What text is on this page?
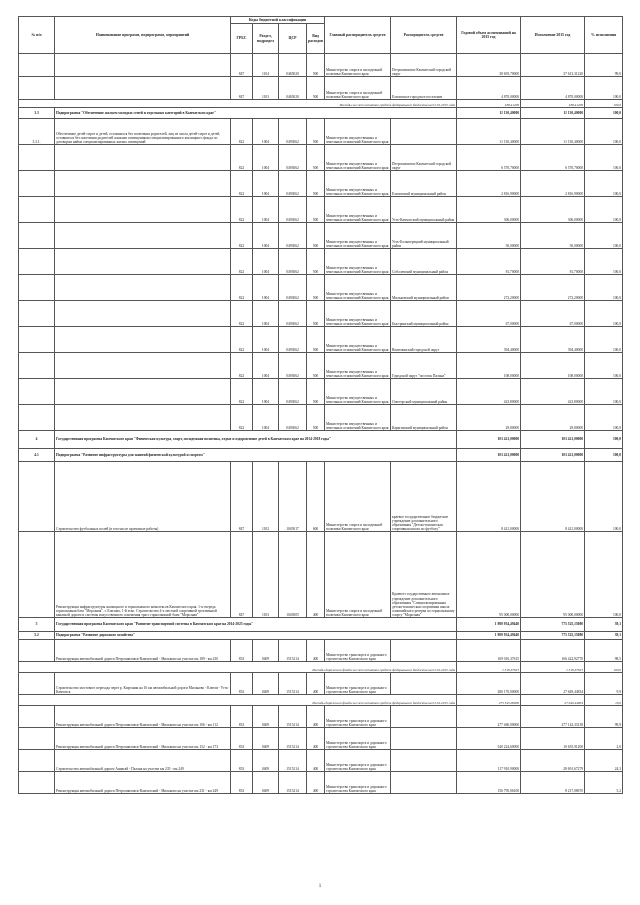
№ п/п	Наименование программ, подпрограмм, мероприятий	Коды бюджетной классификации				Главный распорядитель средств	Распорядитель средств	Годовой объем ассигнований на 2015 год	Исполнение 2015 год	% исполнения
		ГРБС	Раздел, подраздел	ЦСР	Вид расходов					
		847	1104	0465020	500	Министерство спорта и молодежной политики Камчатского края	Петропавловск-Камчатский городской округ	38 693,70000	37 613,31220	99,0
		847	1103	0465020	500	Министерство спорта и молодежной политики Камчатского края	Елизовское городское поселение	4 870,00000	4 870,00000	100,0
Расходы за счет остатков средств федерального бюджета на 01.01.2015 года								438,41200	438,41200	100,0
3.3	Подпрограмма "Обеспечение жильем молодых семей и отдельных категорий в Камчатском крае"							11 130,40000	11 130,40000	100,0
3.3.1.	Обеспечение детей-сирот и детей, оставшихся без попечения родителей, лиц из числа детей-сирот и детей, оставшихся без попечения родителей жилыми помещениями специализированного жилищного фонда по договорам найма специализированных жилых помещений	822	1004	0493062	500	Министерство имущественных и земельных отношений Камчатского края		11 130,40000	11 130,40000	100,0
		822	1004	0493062	500	Министерство имущественных и земельных отношений Камчатского края	Петропавловск-Камчатский городской округ	6 570,70000	6 570,70000	100,0
		822	1004	0493062	500	Министерство имущественных и земельных отношений Камчатского края	Елизовский муниципальный район	2 816,90000	2 816,90000	100,0
		822	1004	0493062	500	Министерство имущественных и земельных отношений Камчатского края	Усть-Камчатский муниципальный район	306,00000	306,00000	100,0
		822	1004	0493062	500	Министерство имущественных и земельных отношений Камчатского края	Усть-Большерецкий муниципальный район	50,00000	50,00000	100,0
		822	1004	0493062	500	Министерство имущественных и земельных отношений Камчатского края	Соболевский муниципальный район	81,70000	81,70000	100,0
		822	1004	0493062	500	Министерство имущественных и земельных отношений Камчатского края	Мильковский муниципальный район	272,20000	272,20000	100,0
		822	1004	0493062	500	Министерство имущественных и земельных отношений Камчатского края	Быстринский муниципальный район	67,00000	67,00000	100,0
		822	1004	0493062	500	Министерство имущественных и земельных отношений Камчатского края	Вилючинский городской округ	394,40000	394,40000	100,0
		822	1004	0493062	500	Министерство имущественных и земельных отношений Камчатского края	Городской округ "поселок Палана"	108,00000	108,00000	100,0
		822	1004	0493062	500	Министерство имущественных и земельных отношений Камчатского края	Олюторский муниципальный район	423,80000	423,80000	100,0
		822	1004	0493062	500	Министерство имущественных и земельных отношений Камчатского края	Карагинский муниципальный район	29,80000	29,80000	100,0
4	Государственная программа Камчатского края "Физическая культура, спорт, молодежная политика, отдых и оздоровление детей в Камчатском крае на 2014-2018 годы"							103 421,00000	103 421,00000	100,0
4.1	Подпрограмма "Развитие инфраструктуры для занятий физической культурой и спортом"							103 421,00000	103 421,00000	100,0
	Строительство футбольных полей (в том числе проектные работы)	847	1102	1045017	600	Министерство спорта и молодежной политики Камчатского края	краевое государственное бюджетное учреждение дополнительного образования "Детско-юношеская спортивная школа по футболу"	8 421,00000	8 421,00000	100,0
	Реконструкция инфраструктуры жилищного и горнолыжного комплексов Камчатского края. 1-я очередь горнолыжная база "Морозная". г. Елизово, 1-й этап. Строительство 4-х местной спортивной трехзвенной канатной дороги и системы искусственного оснежения трасс горнолыжной базы "Морозная"	847	1103	1045005	400	Министерство спорта и молодежной политики Камчатского края	Краевое государственное автономное учреждение дополнительного образования "Специализированная детско-юношеская спортивная школа олимпийского резерва по горнолыжному спорту "Морозная"	95 000,00000	95 000,00000	100,0
5	Государственная программа Камчатского края "Развитие транспортной системы в Камчатском крае на 2014-2025 годы"							1 980 934,49440	775 525,15080	39,1
5.2	Подпрограмма "Развитие дорожного хозяйства"							1 980 934,49440	775 525,15080	39,1
	Реконструкция автомобильной дороги Петропавловск-Камчатский - Мильково на участке км 189 - км 230	833	0409	1515214	400	Министерство транспорта и дорожного строительства Камчатского края		169 016,37615	166 422,92770	98,5
Расходы дорожного фонда за счет остатков средств федерального бюджета на 01.01.2015 года								1 316,37615	1 316,37615	100,0
	Строительство мостового перехода через р. Кирганик на 16 км автомобильной дороги Мильково - Ключи - Усть-Камчатск	833	0409	1515214	400	Министерство транспорта и дорожного строительства Камчатского края		280 170,00000	27 649,44834	9,9
Расходы дорожного фонда за счет остатков средств федерального бюджета на 01.01.2015 года								275 345,00000	27 649,44834	10,0
	Реконструкция автомобильной дороги Петропавловск-Камчатский - Мильково на участке км 106 - км 112	833	0409	1515214	400	Министерство транспорта и дорожного строительства Камчатского края		277 460,00000	277 142,33138	99,9
	Реконструкция автомобильной дороги Петропавловск-Камчатский - Мильково на участке км 152 - км 173	833	0409	1515214	400	Министерство транспорта и дорожного строительства Камчатского края		540 224,60000	10 655,91200	2,0
	Строительство автомобильной дороги Анавгай - Палана на участке км 235 - км 249	833	0409	1515214	400	Министерство транспорта и дорожного строительства Камчатского края		117 910,90000	28 691,67279	24,3
	Реконструкция автомобильной дороги Петропавловск-Камчатский - Мильково на участке км 231 - км 249	833	0409	1515214	400	Министерство транспорта и дорожного строительства Камчатского края		156 795,06100	8 217,08670	5,2
1
